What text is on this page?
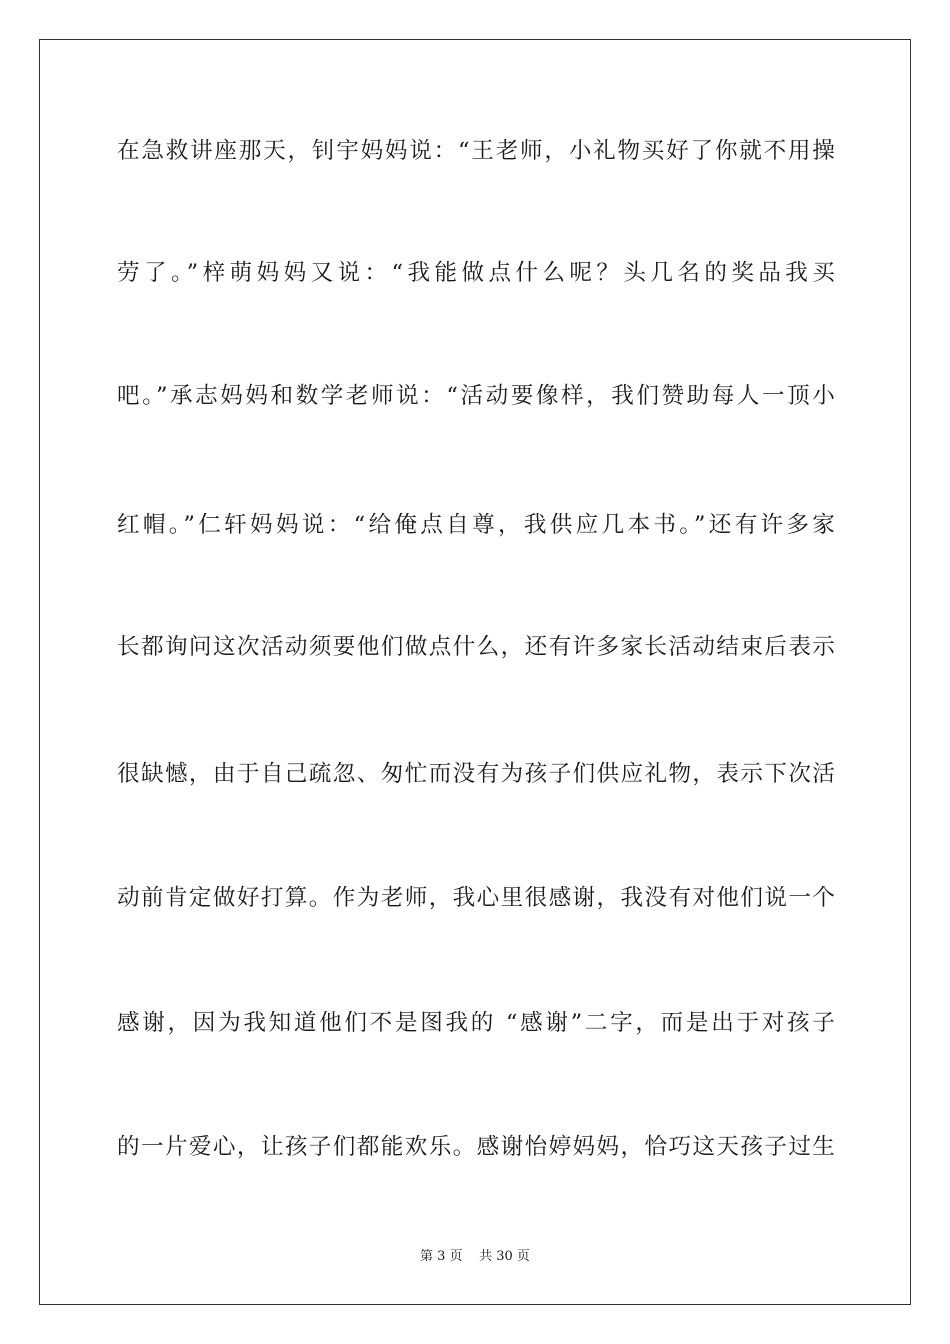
在急救讲座那天，钊宇妈妈说：“王老师，小礼物买好了你就不用操
劳了。”梓萌妈妈又说：“我能做点什么呢？头几名的奖品我买
吧。”承志妈妈和数学老师说：“活动要像样，我们赞助每人一顶小
红帽。”仁轩妈妈说：“给俺点自尊，我供应几本书。”还有许多家
长都询问这次活动须要他们做点什么，还有许多家长活动结束后表示
很缺憾，由于自己疏忽、匆忙而没有为孩子们供应礼物，表示下次活
动前肯定做好打算。作为老师，我心里很感谢，我没有对他们说一个
感谢，因为我知道他们不是图我的 “感谢”二字，而是出于对孩子
的一片爱心，让孩子们都能欢乐。感谢怡婷妈妈，恰巧这天孩子过生
第 3 页 共 30 页
